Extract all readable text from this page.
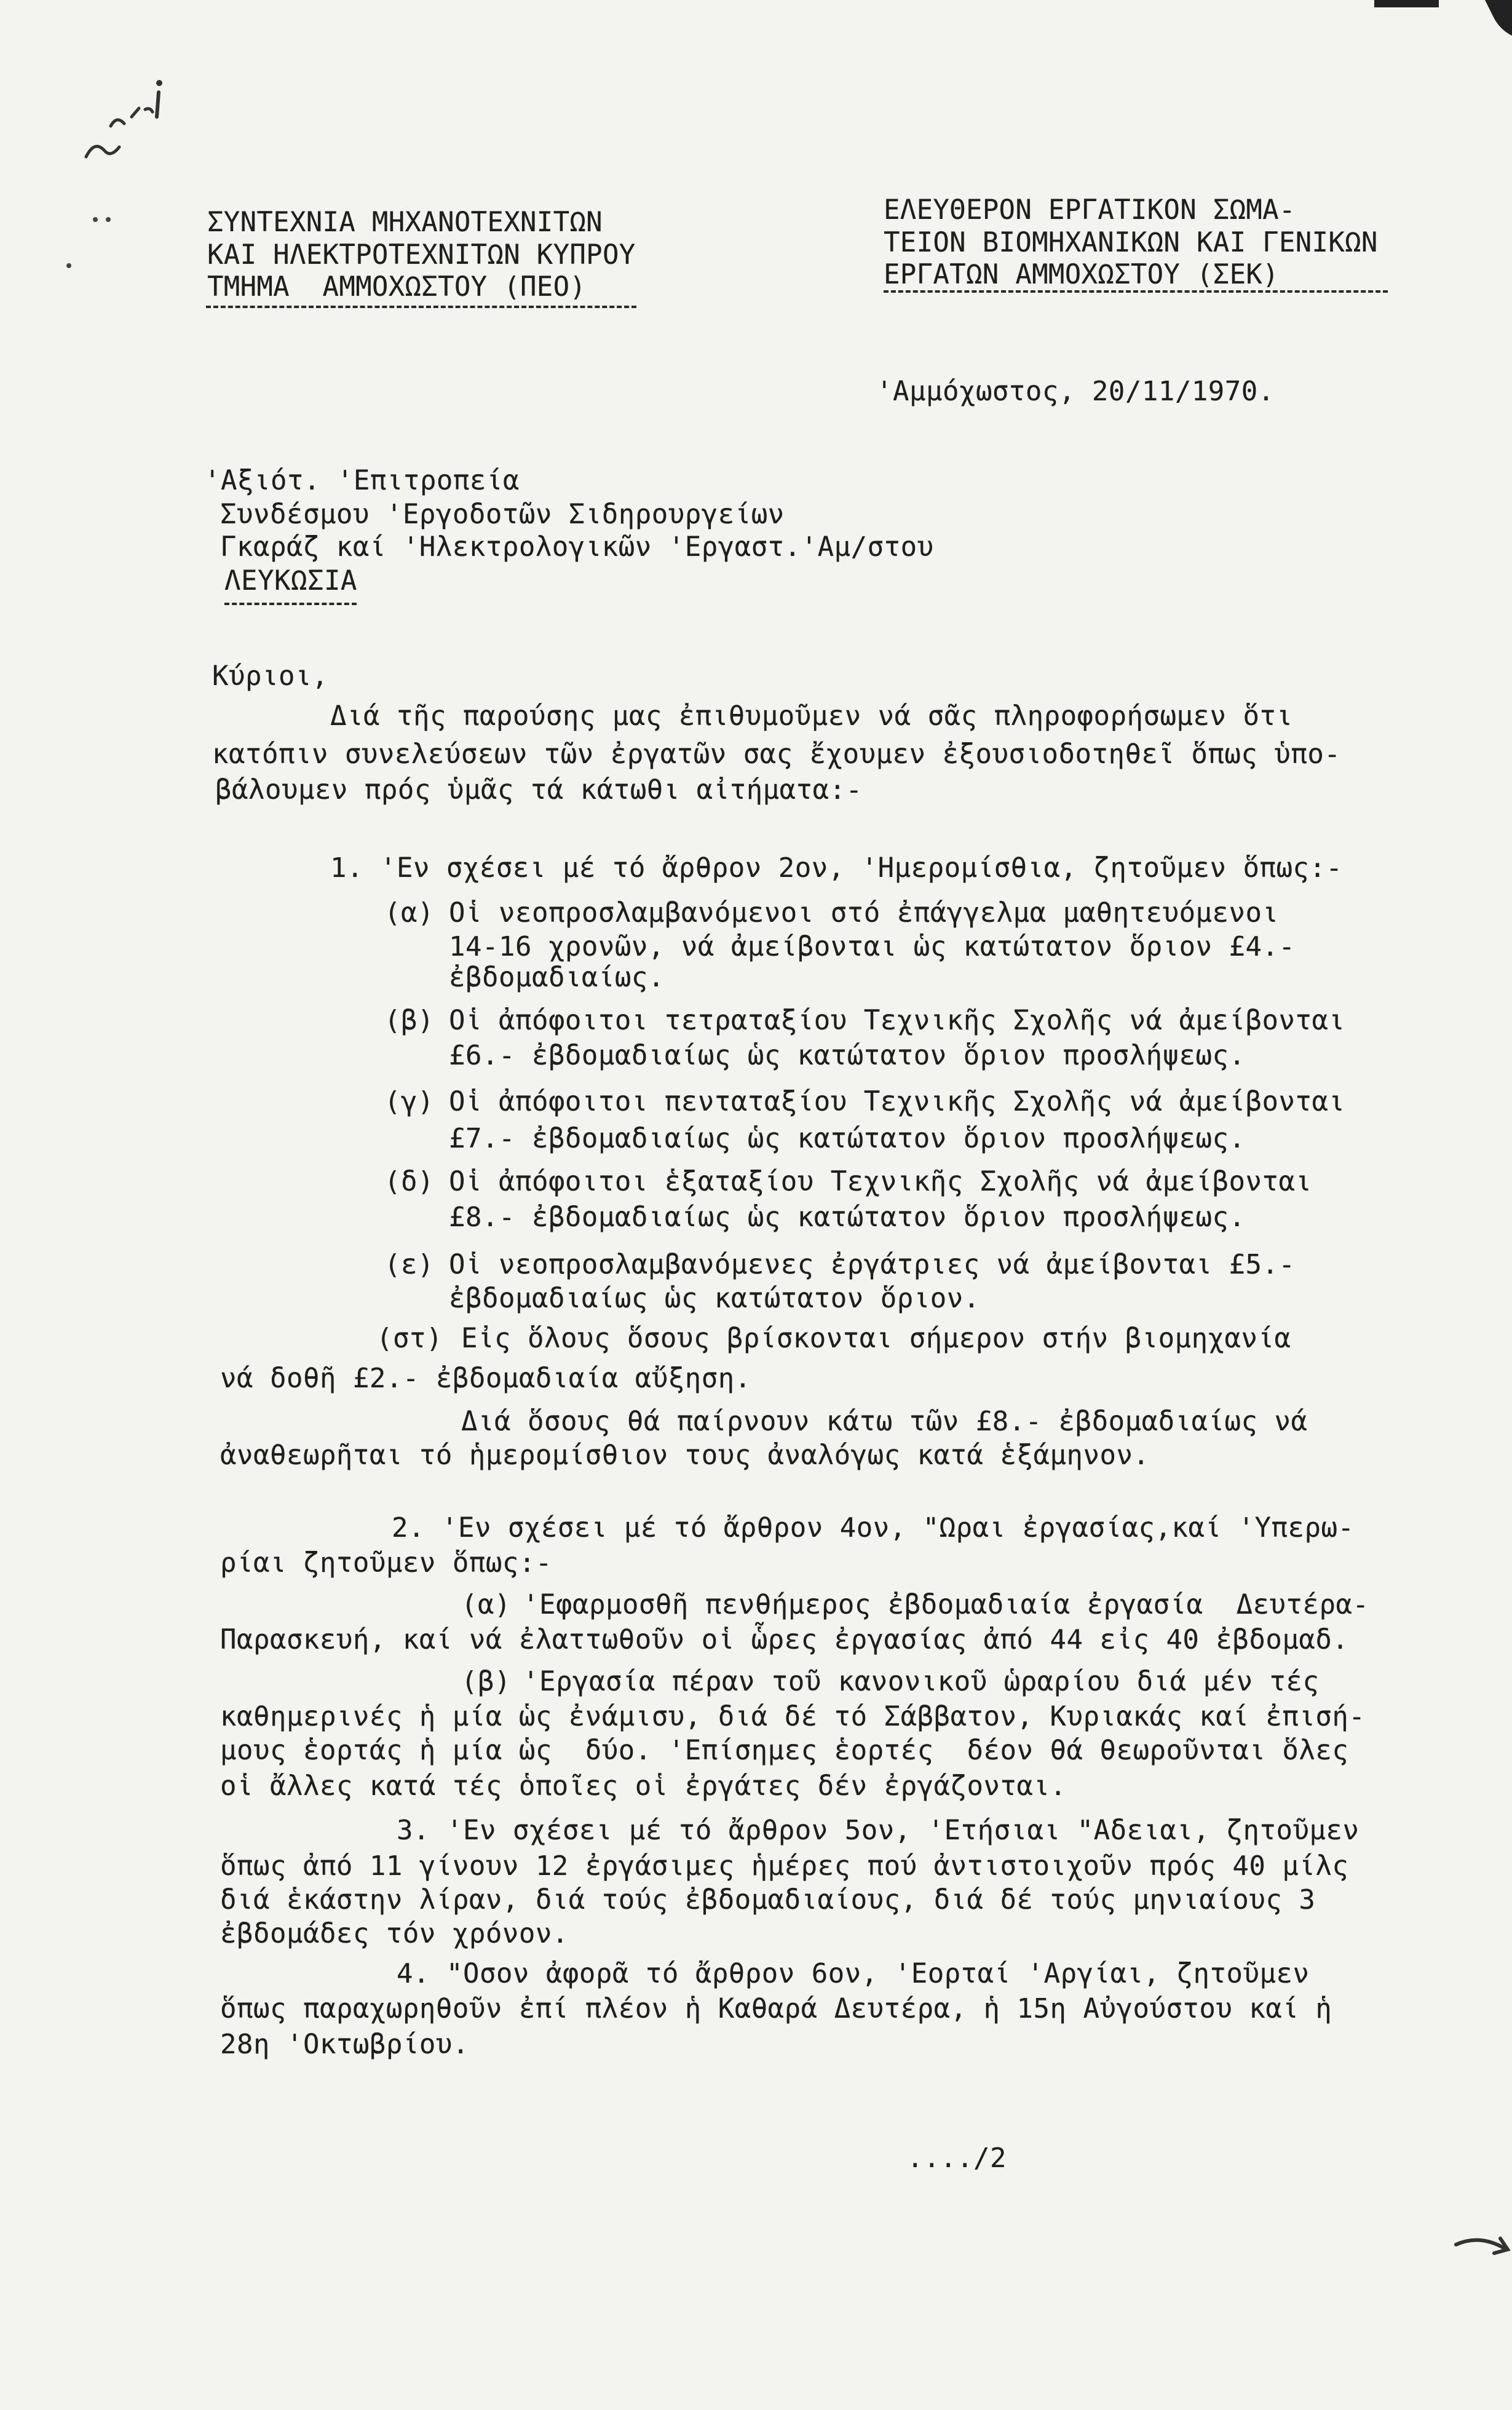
ΣΥΝΤΕΧΝΙΑ ΜΗΧΑΝΟΤΕΧΝΙΤΩΝ
ΚΑΙ ΗΛΕΚΤΡΟΤΕΧΝΙΤΩΝ ΚΥΠΡΟΥ
ΤΜΗΜΑ  ΑΜΜΟΧΩΣΤΟΥ (ΠΕΟ)
ΕΛΕΥΘΕΡΟΝ ΕΡΓΑΤΙΚΟΝ ΣΩΜΑ-
ΤΕΙΟΝ ΒΙΟΜΗΧΑΝΙΚΩΝ ΚΑΙ ΓΕΝΙΚΩΝ
ΕΡΓΑΤΩΝ ΑΜΜΟΧΩΣΤΟΥ (ΣΕΚ)
'Αμμόχωστος, 20/11/1970.
'Αξιότ. 'Επιτροπεία
Συνδέσμου 'Εργοδοτῶν Σιδηρουργείων
Γκαράζ καί 'Ηλεκτρολογικῶν 'Εργαστ.'Αμ/στου
ΛΕΥΚΩΣΙΑ
Κύριοι,
Διά τῆς παρούσης μας ἐπιθυμοῦμεν νά σᾶς πληροφορήσωμεν ὅτι
κατόπιν συνελεύσεων τῶν ἐργατῶν σας ἔχουμεν ἐξουσιοδοτηθεῖ ὅπως ὑπο-
βάλουμεν πρός ὑμᾶς τά κάτωθι αἰτήματα:-
1. 'Εν σχέσει μέ τό ἄρθρον 2ον, 'Ημερομίσθια, ζητοῦμεν ὅπως:-
(α) Οἱ νεοπροσλαμβανόμενοι στό ἐπάγγελμα μαθητευόμενοι
14-16 χρονῶν, νά ἀμείβονται ὡς κατώτατον ὅριον £4.-
ἐβδομαδιαίως.
(β) Οἱ ἀπόφοιτοι τετραταξίου Τεχνικῆς Σχολῆς νά ἀμείβονται
£6.- ἐβδομαδιαίως ὡς κατώτατον ὅριον προσλήψεως.
(γ) Οἱ ἀπόφοιτοι πενταταξίου Τεχνικῆς Σχολῆς νά ἀμείβονται
£7.- ἐβδομαδιαίως ὡς κατώτατον ὅριον προσλήψεως.
(δ) Οἱ ἀπόφοιτοι ἑξαταξίου Τεχνικῆς Σχολῆς νά ἀμείβονται
£8.- ἐβδομαδιαίως ὡς κατώτατον ὅριον προσλήψεως.
(ε) Οἱ νεοπροσλαμβανόμενες ἐργάτριες νά ἀμείβονται £5.-
ἐβδομαδιαίως ὡς κατώτατον ὅριον.
(στ) Εἰς ὅλους ὅσους βρίσκονται σήμερον στήν βιομηχανία
νά δοθῆ £2.- ἐβδομαδιαία αὔξηση.
Διά ὅσους θά παίρνουν κάτω τῶν £8.- ἐβδομαδιαίως νά
ἀναθεωρῆται τό ἡμερομίσθιον τους ἀναλόγως κατά ἑξάμηνον.
2. 'Εν σχέσει μέ τό ἄρθρον 4ον, "Ωραι ἐργασίας,καί 'Υπερω-
ρίαι ζητοῦμεν ὅπως:-
(α) 'Εφαρμοσθῆ πενθήμερος ἐβδομαδιαία ἐργασία  Δευτέρα-
Παρασκευή, καί νά ἐλαττωθοῦν οἱ ὧρες ἐργασίας ἀπό 44 εἰς 40 ἐβδομαδ.
(β) 'Εργασία πέραν τοῦ κανονικοῦ ὡραρίου διά μέν τές
καθημερινές ἡ μία ὡς ἐνάμισυ, διά δέ τό Σάββατον, Κυριακάς καί ἐπισή-
μους ἑορτάς ἡ μία ὡς  δύο. 'Επίσημες ἑορτές  δέον θά θεωροῦνται ὅλες
οἱ ἄλλες κατά τές ὁποῖες οἱ ἐργάτες δέν ἐργάζονται.
3. 'Εν σχέσει μέ τό ἄρθρον 5ον, 'Ετήσιαι "Αδειαι, ζητοῦμεν
ὅπως ἀπό 11 γίνουν 12 ἐργάσιμες ἡμέρες πού ἀντιστοιχοῦν πρός 40 μίλς
διά ἑκάστην λίραν, διά τούς ἐβδομαδιαίους, διά δέ τούς μηνιαίους 3
ἐβδομάδες τόν χρόνον.
4. "Οσον ἀφορᾶ τό ἄρθρον 6ον, 'Εορταί 'Αργίαι, ζητοῦμεν
ὅπως παραχωρηθοῦν ἐπί πλέον ἡ Καθαρά Δευτέρα, ἡ 15η Αὐγούστου καί ἡ
28η 'Οκτωβρίου.
..../2
